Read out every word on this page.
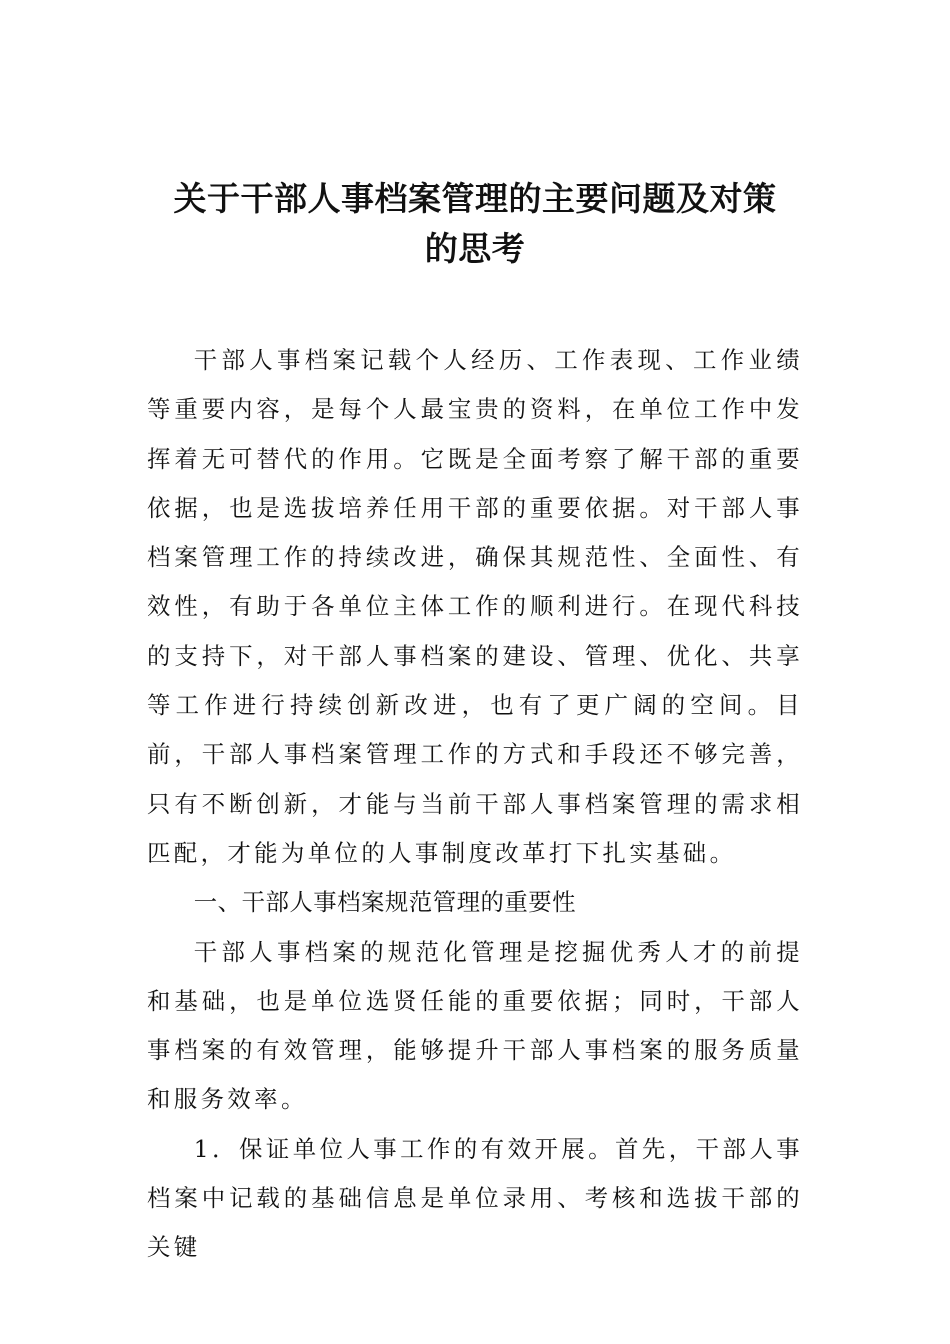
关于干部人事档案管理的主要问题及对策
的思考

干部人事档案记载个人经历、工作表现、工作业绩等重要内容，是每个人最宝贵的资料，在单位工作中发挥着无可替代的作用。它既是全面考察了解干部的重要依据，也是选拔培养任用干部的重要依据。对干部人事档案管理工作的持续改进，确保其规范性、全面性、有效性，有助于各单位主体工作的顺利进行。在现代科技的支持下，对干部人事档案的建设、管理、优化、共享等工作进行持续创新改进，也有了更广阔的空间。目前，干部人事档案管理工作的方式和手段还不够完善，只有不断创新，才能与当前干部人事档案管理的需求相匹配，才能为单位的人事制度改革打下扎实基础。

一、干部人事档案规范管理的重要性

干部人事档案的规范化管理是挖掘优秀人才的前提和基础，也是单位选贤任能的重要依据；同时，干部人事档案的有效管理，能够提升干部人事档案的服务质量和服务效率。

1．保证单位人事工作的有效开展。首先，干部人事档案中记载的基础信息是单位录用、考核和选拔干部的关键
